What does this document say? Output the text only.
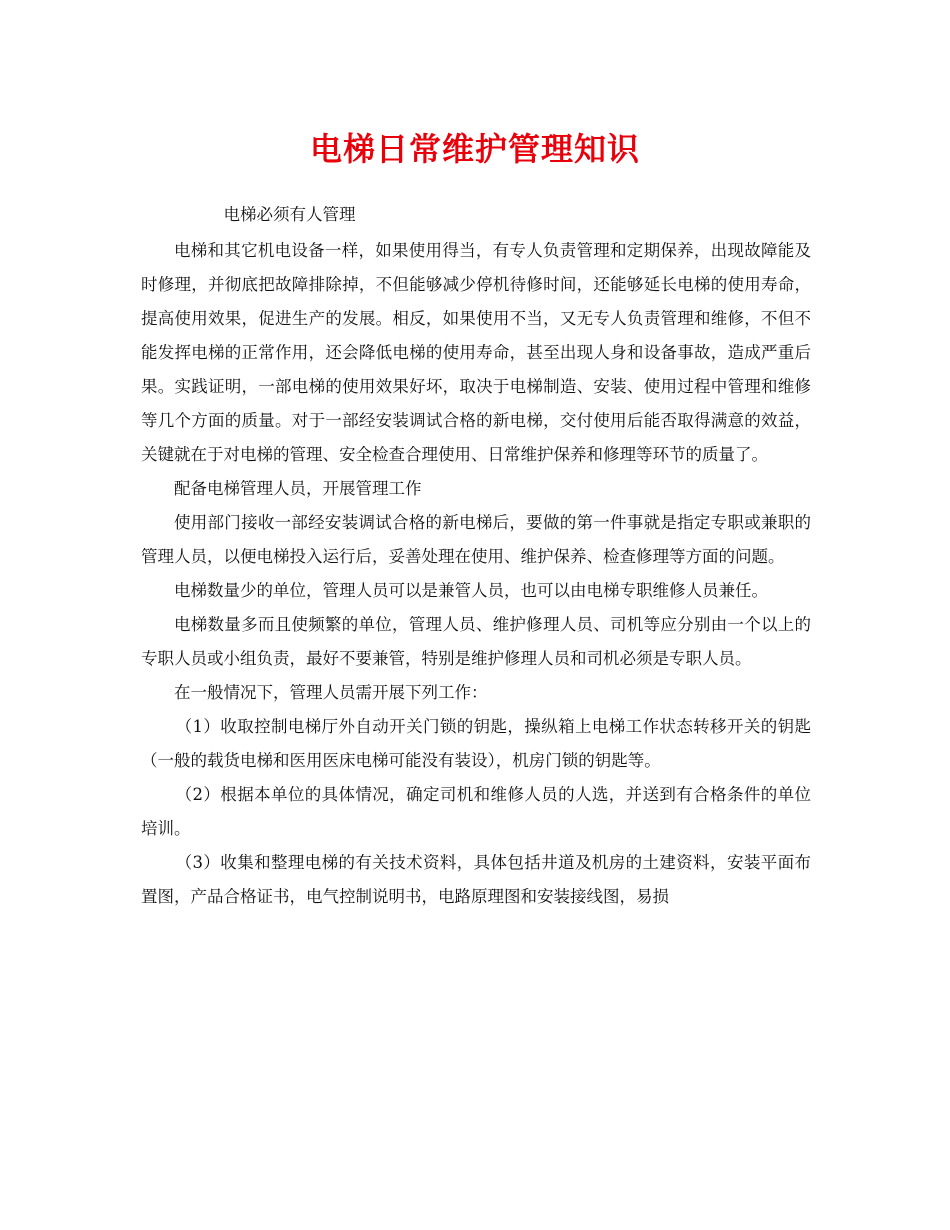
电梯日常维护管理知识

电梯必须有人管理

电梯和其它机电设备一样，如果使用得当，有专人负责管理和定期保养，出现故障能及时修理，并彻底把故障排除掉，不但能够减少停机待修时间，还能够延长电梯的使用寿命，提高使用效果，促进生产的发展。相反，如果使用不当，又无专人负责管理和维修，不但不能发挥电梯的正常作用，还会降低电梯的使用寿命，甚至出现人身和设备事故，造成严重后果。实践证明，一部电梯的使用效果好坏，取决于电梯制造、安装、使用过程中管理和维修等几个方面的质量。对于一部经安装调试合格的新电梯，交付使用后能否取得满意的效益，关键就在于对电梯的管理、安全检查合理使用、日常维护保养和修理等环节的质量了。

配备电梯管理人员，开展管理工作

使用部门接收一部经安装调试合格的新电梯后，要做的第一件事就是指定专职或兼职的管理人员，以便电梯投入运行后，妥善处理在使用、维护保养、检查修理等方面的问题。

电梯数量少的单位，管理人员可以是兼管人员，也可以由电梯专职维修人员兼任。

电梯数量多而且使频繁的单位，管理人员、维护修理人员、司机等应分别由一个以上的专职人员或小组负责，最好不要兼管，特别是维护修理人员和司机必须是专职人员。

在一般情况下，管理人员需开展下列工作：

（1）收取控制电梯厅外自动开关门锁的钥匙，操纵箱上电梯工作状态转移开关的钥匙（一般的载货电梯和医用医床电梯可能没有装设），机房门锁的钥匙等。

（2）根据本单位的具体情况，确定司机和维修人员的人选，并送到有合格条件的单位培训。

（3）收集和整理电梯的有关技术资料，具体包括井道及机房的土建资料，安装平面布置图，产品合格证书，电气控制说明书，电路原理图和安装接线图，易损
